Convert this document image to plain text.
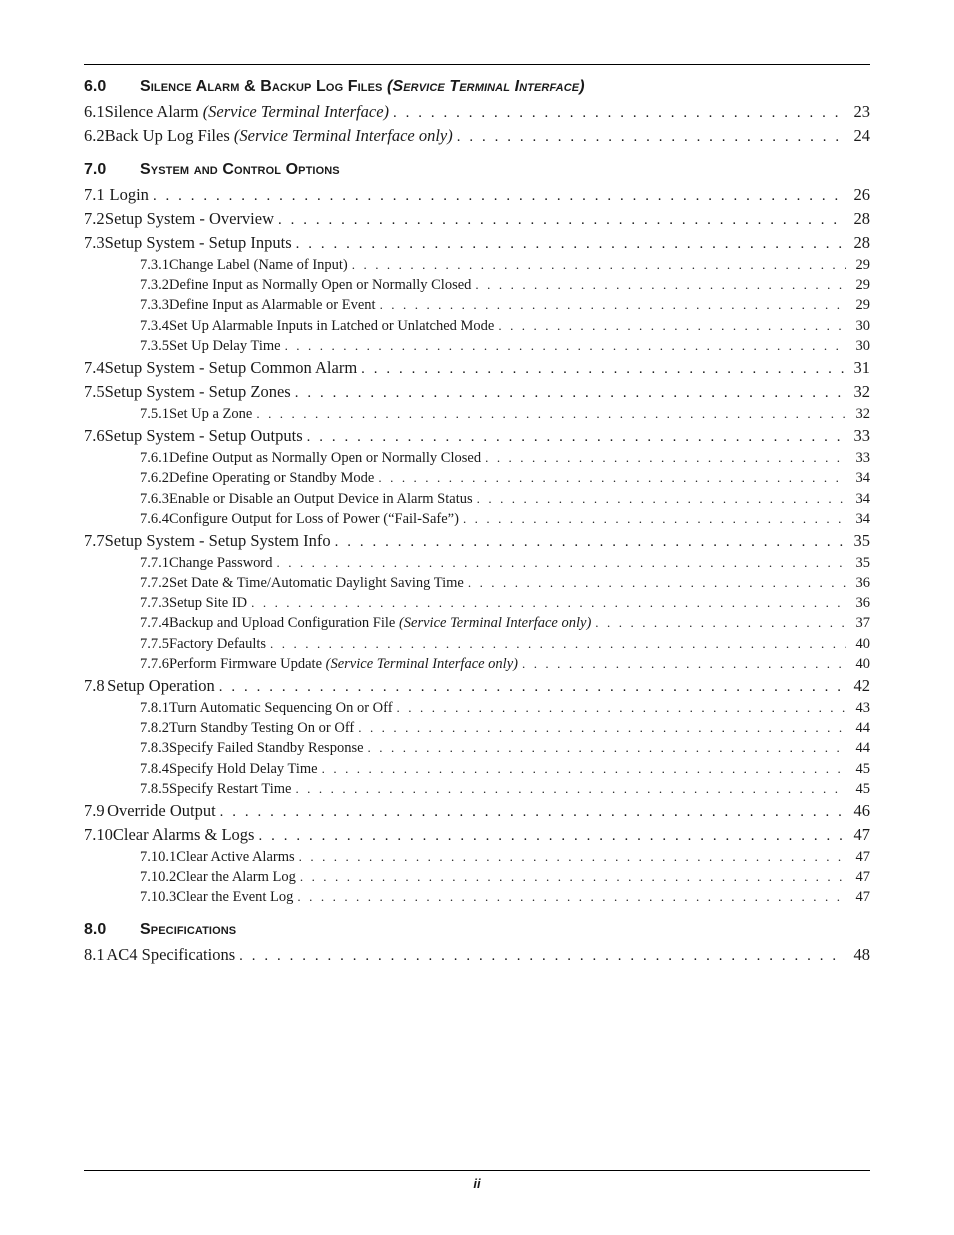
6.0	Silence Alarm & Backup Log Files (Service Terminal Interface)
6.1 Silence Alarm (Service Terminal Interface) . . .	23
6.2 Back Up Log Files (Service Terminal Interface only) . . .	24
7.0	System and Control Options
7.1 Login . . .	26
7.2 Setup System - Overview . . .	28
7.3 Setup System - Setup Inputs . . .	28
7.3.1 Change Label (Name of Input) . . .	29
7.3.2 Define Input as Normally Open or Normally Closed . . .	29
7.3.3 Define Input as Alarmable or Event . . .	29
7.3.4 Set Up Alarmable Inputs in Latched or Unlatched Mode . . .	30
7.3.5 Set Up Delay Time . . .	30
7.4 Setup System - Setup Common Alarm . . .	31
7.5 Setup System - Setup Zones . . .	32
7.5.1 Set Up a Zone . . .	32
7.6 Setup System - Setup Outputs . . .	33
7.6.1 Define Output as Normally Open or Normally Closed . . .	33
7.6.2 Define Operating or Standby Mode . . .	34
7.6.3 Enable or Disable an Output Device in Alarm Status . . .	34
7.6.4 Configure Output for Loss of Power (“Fail-Safe”) . . .	34
7.7 Setup System - Setup System Info . . .	35
7.7.1 Change Password . . .	35
7.7.2 Set Date & Time/Automatic Daylight Saving Time . . .	36
7.7.3 Setup Site ID . . .	36
7.7.4 Backup and Upload Configuration File (Service Terminal Interface only) . . .	37
7.7.5 Factory Defaults . . .	40
7.7.6 Perform Firmware Update (Service Terminal Interface only) . . .	40
7.8 Setup Operation . . .	42
7.8.1 Turn Automatic Sequencing On or Off . . .	43
7.8.2 Turn Standby Testing On or Off . . .	44
7.8.3 Specify Failed Standby Response . . .	44
7.8.4 Specify Hold Delay Time . . .	45
7.8.5 Specify Restart Time . . .	45
7.9 Override Output . . .	46
7.10 Clear Alarms & Logs . . .	47
7.10.1 Clear Active Alarms . . .	47
7.10.2 Clear the Alarm Log . . .	47
7.10.3 Clear the Event Log . . .	47
8.0	Specifications
8.1 AC4 Specifications . . .	48
ii
